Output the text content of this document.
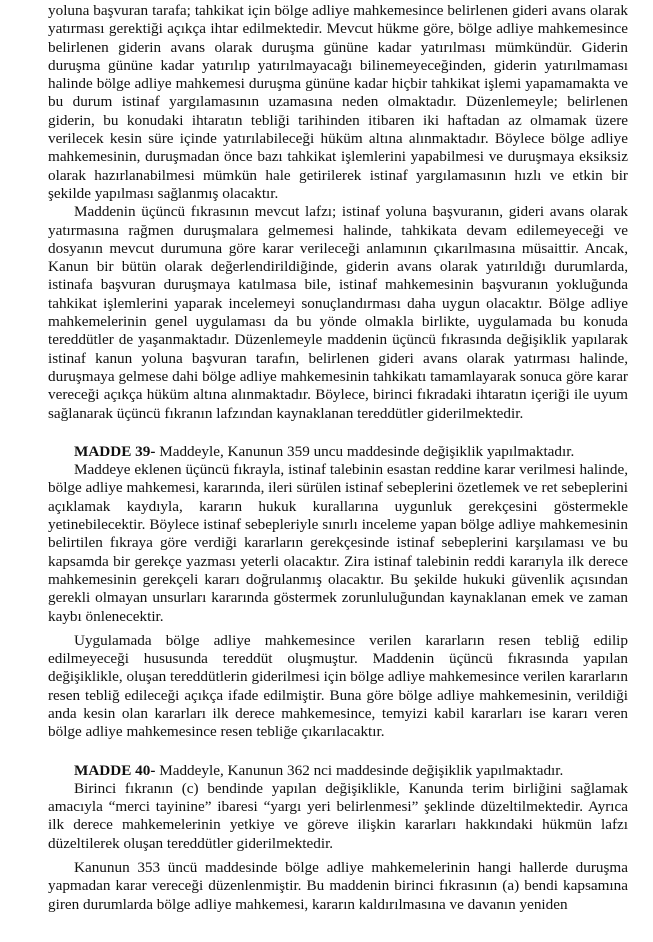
yoluna başvuran tarafa; tahkikat için bölge adliye mahkemesince belirlenen gideri avans olarak yatırması gerektiği açıkça ihtar edilmektedir. Mevcut hükme göre, bölge adliye mahkemesince belirlenen giderin avans olarak duruşma gününe kadar yatırılması mümkündür. Giderin duruşma gününe kadar yatırılıp yatırılmayacağı bilinemeyeceğinden, giderin yatırılmaması halinde bölge adliye mahkemesi duruşma gününe kadar hiçbir tahkikat işlemi yapamamakta ve bu durum istinaf yargılamasının uzamasına neden olmaktadır. Düzenlemeyle; belirlenen giderin, bu konudaki ihtaratın tebliği tarihinden itibaren iki haftadan az olmamak üzere verilecek kesin süre içinde yatırılabileceği hüküm altına alınmaktadır. Böylece bölge adliye mahkemesinin, duruşmadan önce bazı tahkikat işlemlerini yapabilmesi ve duruşmaya eksiksiz olarak hazırlanabilmesi mümkün hale getirilerek istinaf yargılamasının hızlı ve etkin bir şekilde yapılması sağlanmış olacaktır.

Maddenin üçüncü fıkrasının mevcut lafzı; istinaf yoluna başvuranın, gideri avans olarak yatırmasına rağmen duruşmalara gelmemesi halinde, tahkikata devam edilemeyeceği ve dosyanın mevcut durumuna göre karar verileceği anlamının çıkarılmasına müsaittir. Ancak, Kanun bir bütün olarak değerlendirildiğinde, giderin avans olarak yatırıldığı durumlarda, istinafa başvuran duruşmaya katılmasa bile, istinaf mahkemesinin başvuranın yokluğunda tahkikat işlemlerini yaparak incelemeyi sonuçlandırması daha uygun olacaktır. Bölge adliye mahkemelerinin genel uygulaması da bu yönde olmakla birlikte, uygulamada bu konuda tereddütler de yaşanmaktadır. Düzenlemeyle maddenin üçüncü fıkrasında değişiklik yapılarak istinaf kanun yoluna başvuran tarafın, belirlenen gideri avans olarak yatırması halinde, duruşmaya gelmese dahi bölge adliye mahkemesinin tahkikatı tamamlayarak sonuca göre karar vereceği açıkça hüküm altına alınmaktadır. Böylece, birinci fıkradaki ihtaratın içeriği ile uyum sağlanarak üçüncü fıkranın lafzından kaynaklanan tereddütler giderilmektedir.

MADDE 39- Maddeyle, Kanunun 359 uncu maddesinde değişiklik yapılmaktadır.

Maddeye eklenen üçüncü fıkrayla, istinaf talebinin esastan reddine karar verilmesi halinde, bölge adliye mahkemesi, kararında, ileri sürülen istinaf sebeplerini özetlemek ve ret sebeplerini açıklamak kaydıyla, kararın hukuk kurallarına uygunluk gerekçesini göstermekle yetinebilecektir. Böylece istinaf sebepleriyle sınırlı inceleme yapan bölge adliye mahkemesinin belirtilen fıkraya göre verdiği kararların gerekçesinde istinaf sebeplerini karşılaması ve bu kapsamda bir gerekçe yazması yeterli olacaktır. Zira istinaf talebinin reddi kararıyla ilk derece mahkemesinin gerekçeli kararı doğrulanmış olacaktır. Bu şekilde hukuki güvenlik açısından gerekli olmayan unsurları kararında göstermek zorunluluğundan kaynaklanan emek ve zaman kaybı önlenecektir.

Uygulamada bölge adliye mahkemesince verilen kararların resen tebliğ edilip edilmeyeceği hususunda tereddüt oluşmuştur. Maddenin üçüncü fıkrasında yapılan değişiklikle, oluşan tereddütlerin giderilmesi için bölge adliye mahkemesince verilen kararların resen tebliğ edileceği açıkça ifade edilmiştir. Buna göre bölge adliye mahkemesinin, verildiği anda kesin olan kararları ilk derece mahkemesince, temyizi kabil kararları ise kararı veren bölge adliye mahkemesince resen tebliğe çıkarılacaktır.

MADDE 40- Maddeyle, Kanunun 362 nci maddesinde değişiklik yapılmaktadır.

Birinci fıkranın (c) bendinde yapılan değişiklikle, Kanunda terim birliğini sağlamak amacıyla “merci tayinine” ibaresi “yargı yeri belirlenmesi” şeklinde düzeltilmektedir. Ayrıca ilk derece mahkemelerinin yetkiye ve göreve ilişkin kararları hakkındaki hükmün lafzı düzeltilerek oluşan tereddütler giderilmektedir.

Kanunun 353 üncü maddesinde bölge adliye mahkemelerinin hangi hallerde duruşma yapmadan karar vereceği düzenlenmiştir. Bu maddenin birinci fıkrasının (a) bendi kapsamına giren durumlarda bölge adliye mahkemesi, kararın kaldırılmasına ve davanın yeniden
